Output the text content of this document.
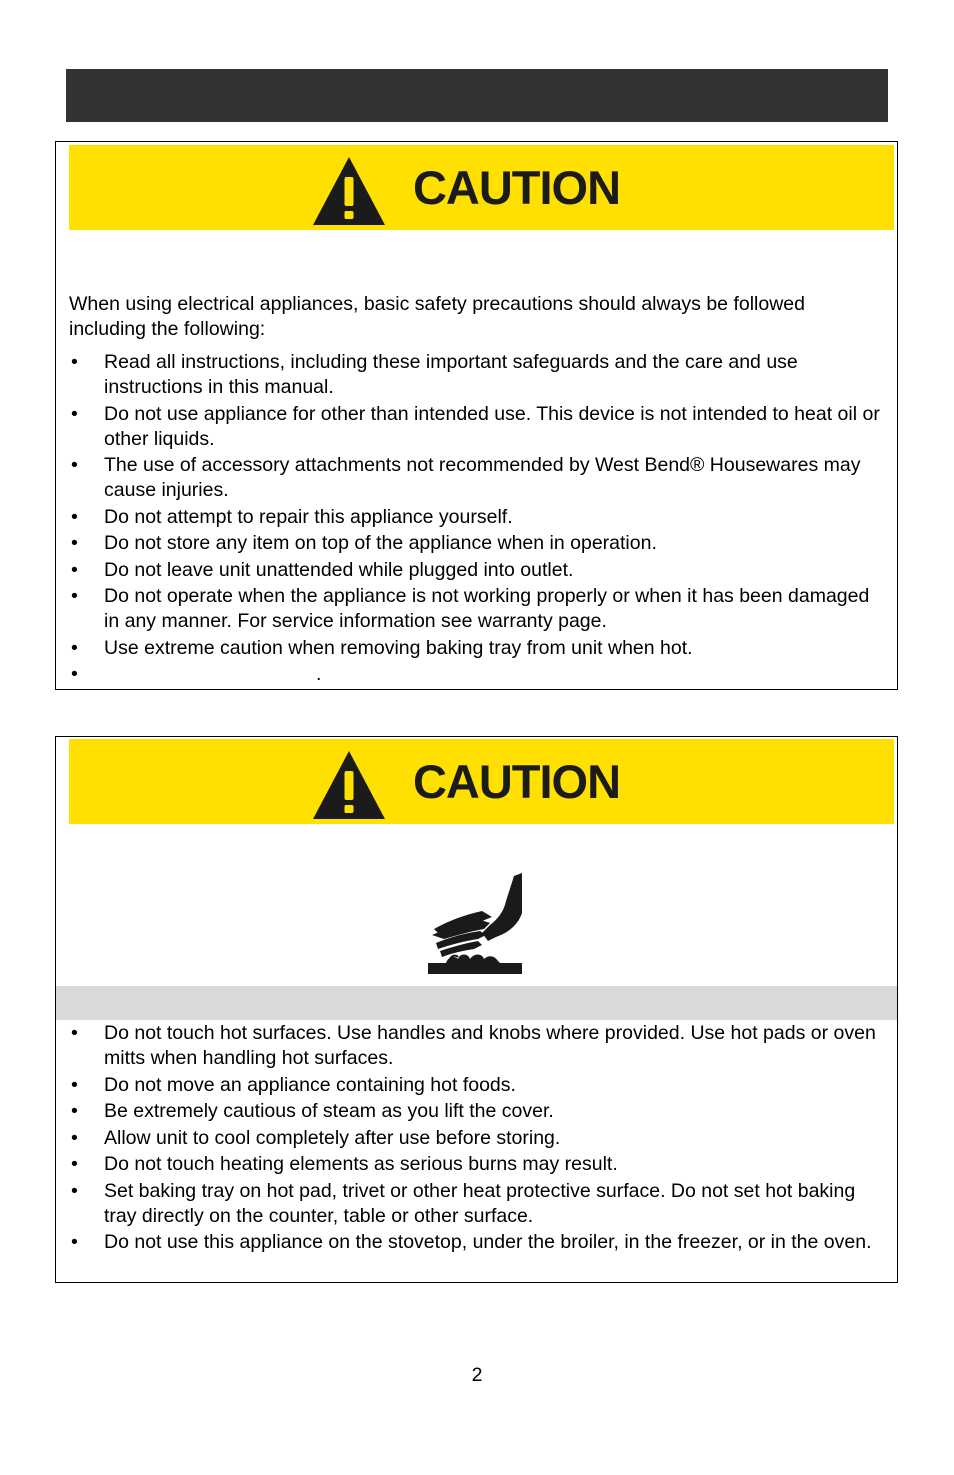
CAUTION

When using electrical appliances, basic safety precautions should always be followed including the following:

• Read all instructions, including these important safeguards and the care and use instructions in this manual.
• Do not use appliance for other than intended use. This device is not intended to heat oil or other liquids.
• The use of accessory attachments not recommended by West Bend® Housewares may cause injuries.
• Do not attempt to repair this appliance yourself.
• Do not store any item on top of the appliance when in operation.
• Do not leave unit unattended while plugged into outlet.
• Do not operate when the appliance is not working properly or when it has been damaged in any manner. For service information see warranty page.
• Use extreme caution when removing baking tray from unit when hot.
•	.
CAUTION
• Do not touch hot surfaces. Use handles and knobs where provided. Use hot pads or oven mitts when handling hot surfaces.
• Do not move an appliance containing hot foods.
• Be extremely cautious of steam as you lift the cover.
• Allow unit to cool completely after use before storing.
• Do not touch heating elements as serious burns may result.
• Set baking tray on hot pad, trivet or other heat protective surface. Do not set hot baking tray directly on the counter, table or other surface.
• Do not use this appliance on the stovetop, under the broiler, in the freezer, or in the oven.
2
